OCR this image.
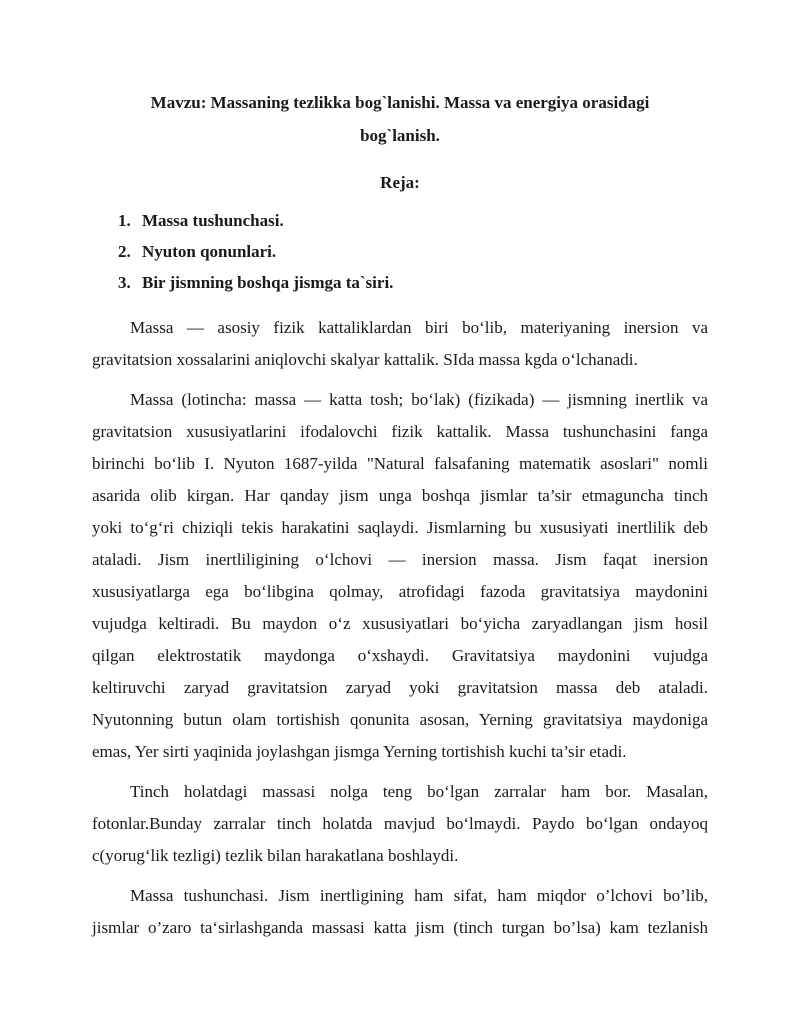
Mavzu: Massaning tezlikka bog`lanishi. Massa va energiya orasidagi
bog`lanish.
Reja:
1. Massa tushunchasi.
2. Nyuton qonunlari.
3. Bir jismning boshqa jismga ta`siri.
Massa — asosiy fizik kattaliklardan biri bo‘lib, materiyaning inersion va
gravitatsion xossalarini aniqlovchi skalyar kattalik. SIda massa kgda o‘lchanadi.
Massa (lotincha: massa — katta tosh; bo‘lak) (fizikada) — jismning inertlik va
gravitatsion xususiyatlarini ifodalovchi fizik kattalik. Massa tushunchasini fanga
birinchi bo‘lib I. Nyuton 1687-yilda "Natural falsafaning matematik asoslari" nomli
asarida olib kirgan. Har qanday jism unga boshqa jismlar ta’sir etmaguncha tinch
yoki to‘g‘ri chiziqli tekis harakatini saqlaydi. Jismlarning bu xususiyati inertlilik deb
ataladi. Jism inertliligining o‘lchovi — inersion massa. Jism faqat inersion
xususiyatlarga ega bo‘libgina qolmay, atrofidagi fazoda gravitatsiya maydonini
vujudga keltiradi. Bu maydon o‘z xususiyatlari bo‘yicha zaryadlangan jism hosil
qilgan elektrostatik maydonga o‘xshaydi. Gravitatsiya maydonini vujudga
keltiruvchi zaryad gravitatsion zaryad yoki gravitatsion massa deb ataladi.
Nyutonning butun olam tortishish qonunita asosan, Yerning gravitatsiya maydoniga
emas, Yer sirti yaqinida joylashgan jismga Yerning tortishish kuchi ta’sir etadi.
Tinch holatdagi massasi nolga teng bo‘lgan zarralar ham bor. Masalan,
fotonlar.Bunday zarralar tinch holatda mavjud bo‘lmaydi. Paydo bo‘lgan ondayoq
c(yorug‘lik tezligi) tezlik bilan harakatlana boshlaydi.
Massa tushunchasi. Jism inertligining ham sifat, ham miqdor o’lchovi bo’lib,
jismlar o’zaro ta‘sirlashganda massasi katta jism (tinch turgan bo’lsa) kam tezlanish
